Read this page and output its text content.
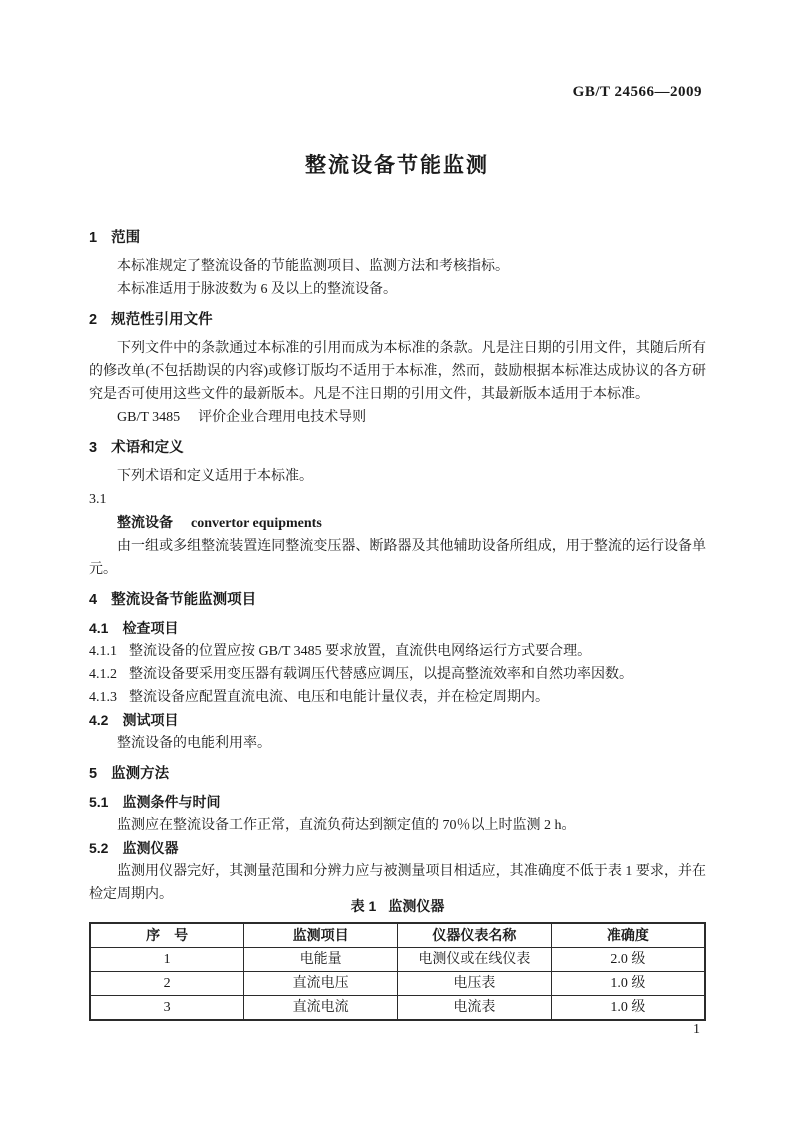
GB/T 24566—2009
整流设备节能监测
1 范围

本标准规定了整流设备的节能监测项目、监测方法和考核指标。

本标准适用于脉波数为 6 及以上的整流设备。

2 规范性引用文件

下列文件中的条款通过本标准的引用而成为本标准的条款。凡是注日期的引用文件，其随后所有的修改单(不包括勘误的内容)或修订版均不适用于本标准，然而，鼓励根据本标准达成协议的各方研究是否可使用这些文件的最新版本。凡是不注日期的引用文件，其最新版本适用于本标准。

GB/T 3485 评价企业合理用电技术导则

3 术语和定义

下列术语和定义适用于本标准。

3.1

整流设备 convertor equipments

由一组或多组整流装置连同整流变压器、断路器及其他辅助设备所组成，用于整流的运行设备单元。

4 整流设备节能监测项目
4.1 检查项目

4.1.1 整流设备的位置应按 GB/T 3485 要求放置，直流供电网络运行方式要合理。

4.1.2 整流设备要采用变压器有载调压代替感应调压，以提高整流效率和自然功率因数。

4.1.3 整流设备应配置直流电流、电压和电能计量仪表，并在检定周期内。

4.2 测试项目

整流设备的电能利用率。

5 监测方法
5.1 监测条件与时间

监测应在整流设备工作正常，直流负荷达到额定值的 70％以上时监测 2 h。

5.2 监测仪器

监测用仪器完好，其测量范围和分辨力应与被测量项目相适应，其准确度不低于表 1 要求，并在检定周期内。

表 1 监测仪器
序　号	监测项目	仪器仪表名称	准确度
1	电能量	电测仪或在线仪表	2.0 级
2	直流电压	电压表	1.0 级
3	直流电流	电流表	1.0 级
1
